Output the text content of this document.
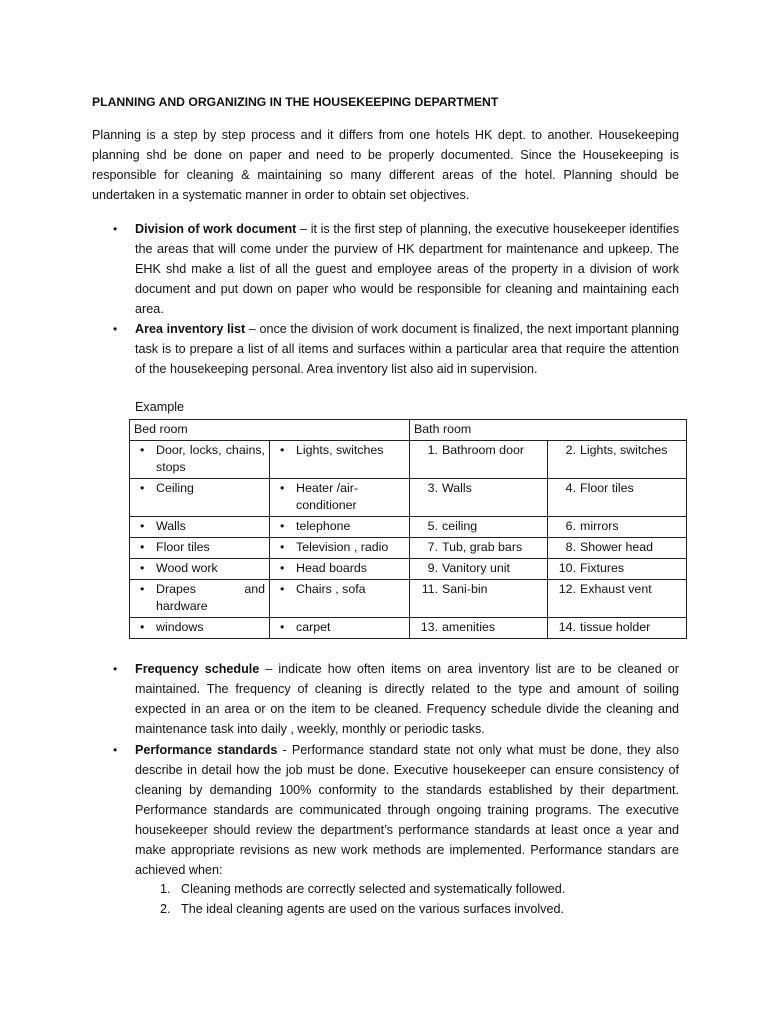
PLANNING AND ORGANIZING IN THE HOUSEKEEPING DEPARTMENT

Planning is a step by step process and it differs from one hotels HK dept. to another. Housekeeping planning shd be done on paper and need to be properly documented. Since the Housekeeping is responsible for cleaning & maintaining so many different areas of the hotel. Planning should be undertaken in a systematic manner in order to obtain set objectives.

• Division of work document – it is the first step of planning, the executive housekeeper identifies the areas that will come under the purview of HK department for maintenance and upkeep. The EHK shd make a list of all the guest and employee areas of the property in a division of work document and put down on paper who would be responsible for cleaning and maintaining each area.
• Area inventory list – once the division of work document is finalized, the next important planning task is to prepare a list of all items and surfaces within a particular area that require the attention of the housekeeping personal. Area inventory list also aid in supervision.
Example
Bed room		Bath room	

• Door, locks, chains, stops	• Lights, switches	1. Bathroom door	2. Lights, switches

• Ceiling	• Heater /air-conditioner	3. Walls	4. Floor tiles

• Walls	• telephone	5. ceiling	6. mirrors

• Floor tiles	• Television , radio	7. Tub, grab bars	8. Shower head

• Wood work	• Head boards	9. Vanitory unit	10. Fixtures

• Drapes and hardware	• Chairs , sofa	11. Sani-bin	12. Exhaust vent

• windows	• carpet	13. amenities	14. tissue holder
• Frequency schedule – indicate how often items on area inventory list are to be cleaned or maintained. The frequency of cleaning is directly related to the type and amount of soiling expected in an area or on the item to be cleaned. Frequency schedule divide the cleaning and maintenance task into daily , weekly, monthly or periodic tasks.
• Performance standards - Performance standard state not only what must be done, they also describe in detail how the job must be done. Executive housekeeper can ensure consistency of cleaning by demanding 100% conformity to the standards established by their department. Performance standards are communicated through ongoing training programs. The executive housekeeper should review the department’s performance standards at least once a year and make appropriate revisions as new work methods are implemented. Performance standars are achieved when:
1. Cleaning methods are correctly selected and systematically followed.
2. The ideal cleaning agents are used on the various surfaces involved.
